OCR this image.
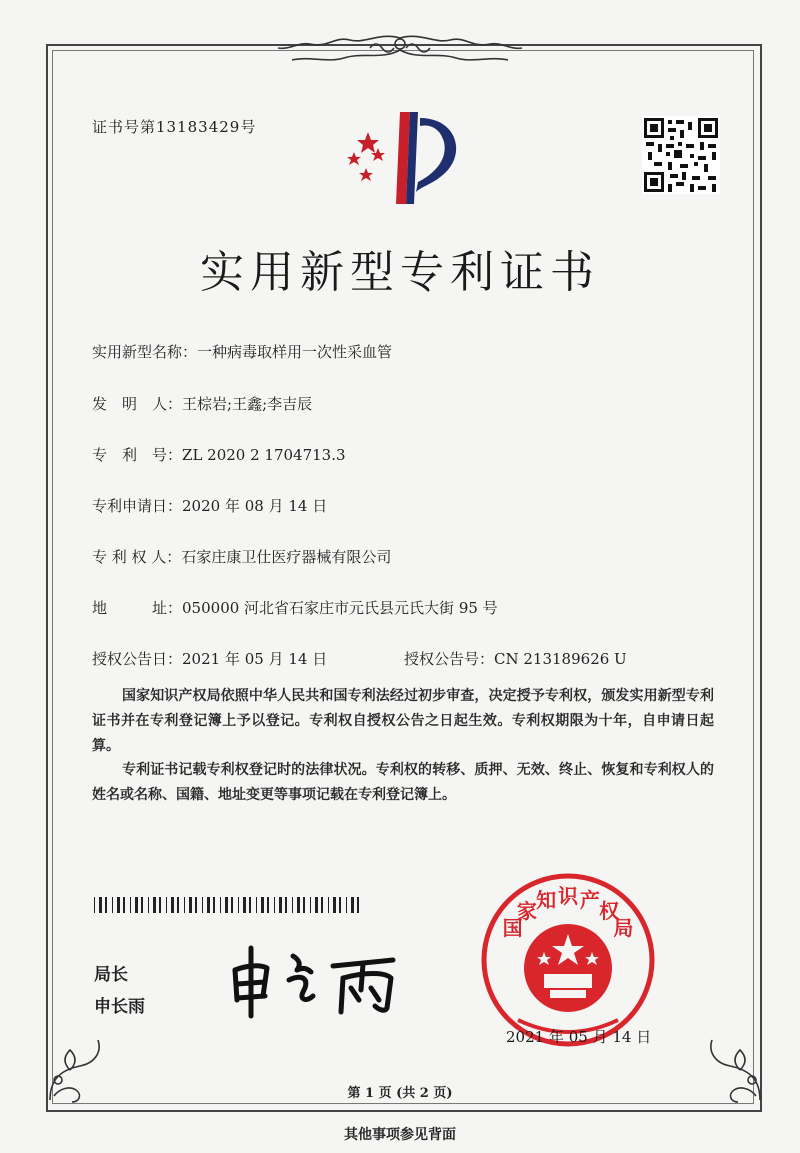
证书号第13183429号
实用新型专利证书
实用新型名称：一种病毒取样用一次性采血管
发　明　人：王棕岩;王鑫;李吉辰
专　利　号：ZL 2020 2 1704713.3
专利申请日：2020 年 08 月 14 日
专 利 权 人：石家庄康卫仕医疗器械有限公司
地　　　址：050000 河北省石家庄市元氏县元氏大街 95 号
授权公告日：2021 年 05 月 14 日	授权公告号：CN 213189626 U
国家知识产权局依照中华人民共和国专利法经过初步审查，决定授予专利权，颁发实用新型专利证书并在专利登记簿上予以登记。专利权自授权公告之日起生效。专利权期限为十年，自申请日起算。
专利证书记载专利权登记时的法律状况。专利权的转移、质押、无效、终止、恢复和专利权人的姓名或名称、国籍、地址变更等事项记载在专利登记簿上。
局长
申长雨
国家知识产权局
2021 年 05 月 14 日
第 1 页 (共 2 页)
其他事项参见背面
